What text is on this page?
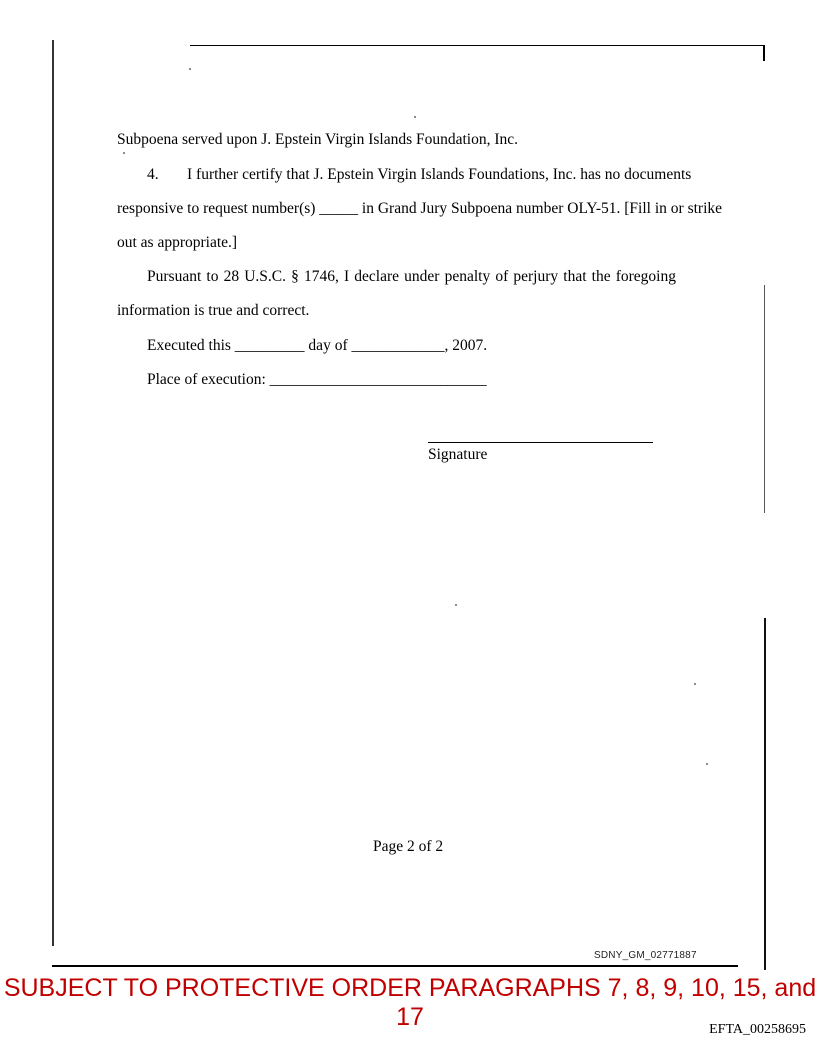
Subpoena served upon J. Epstein Virgin Islands Foundation, Inc.
4. I further certify that J. Epstein Virgin Islands Foundations, Inc. has no documents
responsive to request number(s) _____ in Grand Jury Subpoena number OLY-51. [Fill in or strike
out as appropriate.]
Pursuant to 28 U.S.C. § 1746, I declare under penalty of perjury that the foregoing
information is true and correct.
Executed this _________ day of ____________, 2007.
Place of execution: ____________________________
Signature
Page 2 of 2
SDNY_GM_02771887
SUBJECT TO PROTECTIVE ORDER PARAGRAPHS 7, 8, 9, 10, 15, and 17	EFTA_00258695
